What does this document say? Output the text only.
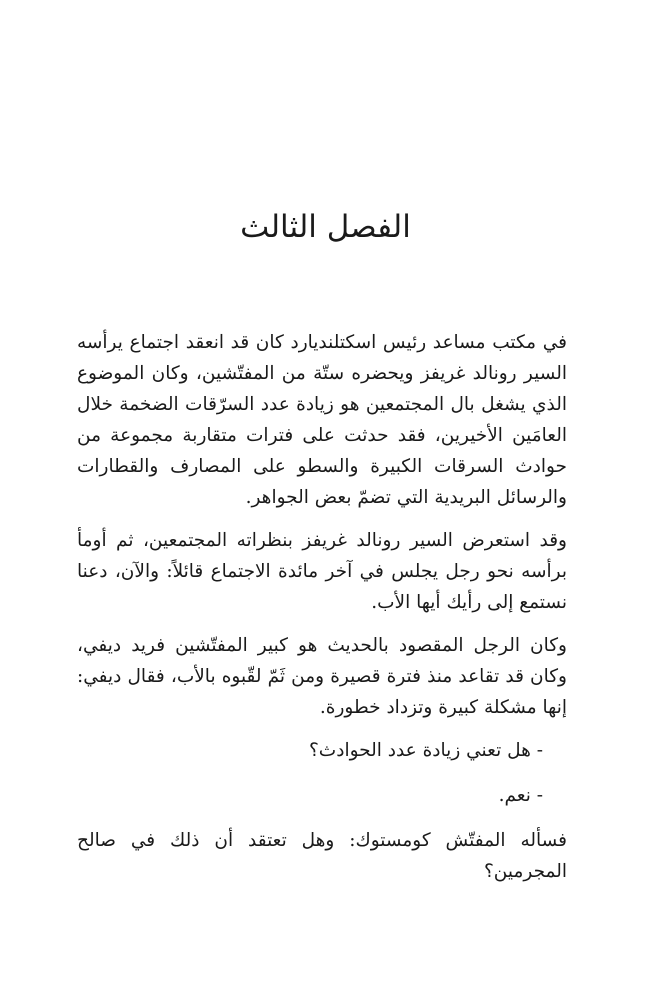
الفصل الثالث

في مكتب مساعد رئيس اسكتلنديارد كان قد انعقد اجتماع يرأسه السير رونالد غريفز ويحضره ستّة من المفتّشين، وكان الموضوع الذي يشغل بال المجتمعين هو زيادة عدد السرّقات الضخمة خلال العامَين الأخيرين، فقد حدثت على فترات متقاربة مجموعة من حوادث السرقات الكبيرة والسطو على المصارف والقطارات والرسائل البريدية التي تضمّ بعض الجواهر.

وقد استعرض السير رونالد غريفز بنظراته المجتمعين، ثم أومأ برأسه نحو رجل يجلس في آخر مائدة الاجتماع قائلاً: والآن، دعنا نستمع إلى رأيك أيها الأب.

وكان الرجل المقصود بالحديث هو كبير المفتّشين فريد ديفي، وكان قد تقاعد منذ فترة قصيرة ومن ثَمّ لقّبوه بالأب، فقال ديفي: إنها مشكلة كبيرة وتزداد خطورة.

- هل تعني زيادة عدد الحوادث؟

- نعم.

فسأله المفتّش كومستوك: وهل تعتقد أن ذلك في صالح المجرمين؟
